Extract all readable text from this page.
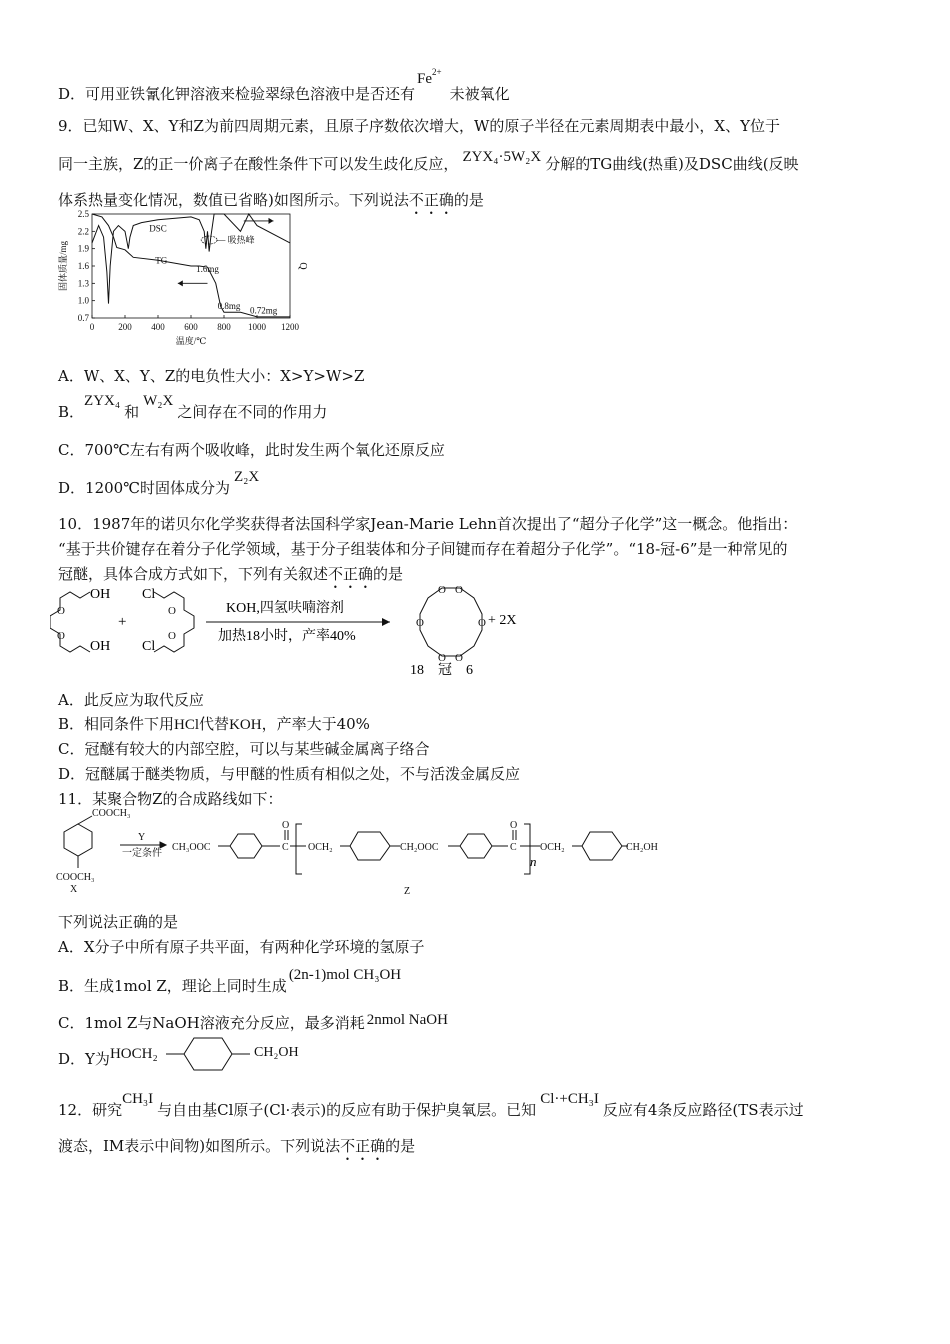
D．可用亚铁氰化钾溶液来检验翠绿色溶液中是否还有$Fe^{2+}$未被氧化
9．已知W、X、Y和Z为前四周期元素，且原子序数依次增大，W的原子半径在元素周期表中最小，X、Y位于
同一主族，Z的正一价离子在酸性条件下可以发生歧化反应， ZYX₄·5W₂X 分解的TG曲线(热重)及DSC曲线(反映
体系热量变化情况，数值已省略)如图所示。下列说法不正确的是
0	200 400 600 800 1000 1200
0.7
1.0
1.3
1.6
1.9
2.2
2.5
温度/℃
固体质量/mg	Q
DSC
TG
— 吸热峰
1.6mg
0.8mg 0.72mg
A．W、X、Y、Z的电负性大小：X>Y>W>Z
B．ZYX₄和W₂X之间存在不同的作用力
C．700℃左右有两个吸收峰，此时发生两个氧化还原反应
D．1200℃时固体成分为Z₂X
10．1987年的诺贝尔化学奖获得者法国科学家Jean-Marie Lehn首次提出了“超分子化学”这一概念。他指出：
“基于共价键存在着分子化学领域，基于分子组装体和分子间键而存在着超分子化学”。“18-冠-6”是一种常见的
冠醚，具体合成方式如下，下列有关叙述不正确的是
O
O
OH
OH
+
Cl
Cl
O
O
KOH,四氢呋喃溶剂
加热18小时，产率40%
O O
O	O
O O
18　冠　6
+ 2X
A．此反应为取代反应
B．相同条件下用HCl代替KOH，产率大于40%
C．冠醚有较大的内部空腔，可以与某些碱金属离子络合
D．冠醚属于醚类物质，与甲醚的性质有相似之处，不与活泼金属反应
11．某聚合物Z的合成路线如下：
COOCH₃
COOCH₃
X
Y
一定条件
CH₃OOC
O
C OCH₂	CH₂OOC
O
C OCH₂	CH₂OH
Z
n
下列说法正确的是
A．X分子中所有原子共平面，有两种化学环境的氢原子
B．生成1mol Z，理论上同时生成(2n-1)mol CH₃OH
C．1mol Z与NaOH溶液充分反应，最多消耗 2nmol NaOH
D．Y为HOCH₂	CH₂OH
12．研究CH₃I与自由基Cl原子(Cl·表示)的反应有助于保护臭氧层。已知Cl·+CH₃I反应有4条反应路径(TS表示过
渡态，IM表示中间物)如图所示。下列说法不正确的是
